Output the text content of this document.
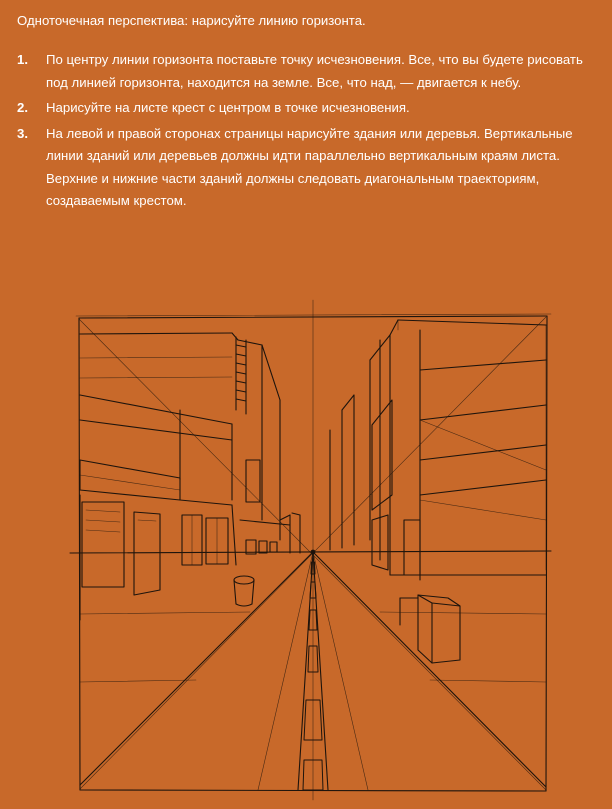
Одноточечная перспектива: нарисуйте линию горизонта.

1.	По центру линии горизонта поставьте точку исчезновения. Все, что вы будете рисовать под линией горизонта, находится на земле. Все, что над, — двигается к небу.
2.	Нарисуйте на листе крест с центром в точке исчезновения.
3.	На левой и правой сторонах страницы нарисуйте здания или деревья. Вертикальные линии зданий или деревьев должны идти параллельно вертикальным краям листа. Верхние и нижние части зданий должны следовать диагональным траекториям, создаваемым крестом.
